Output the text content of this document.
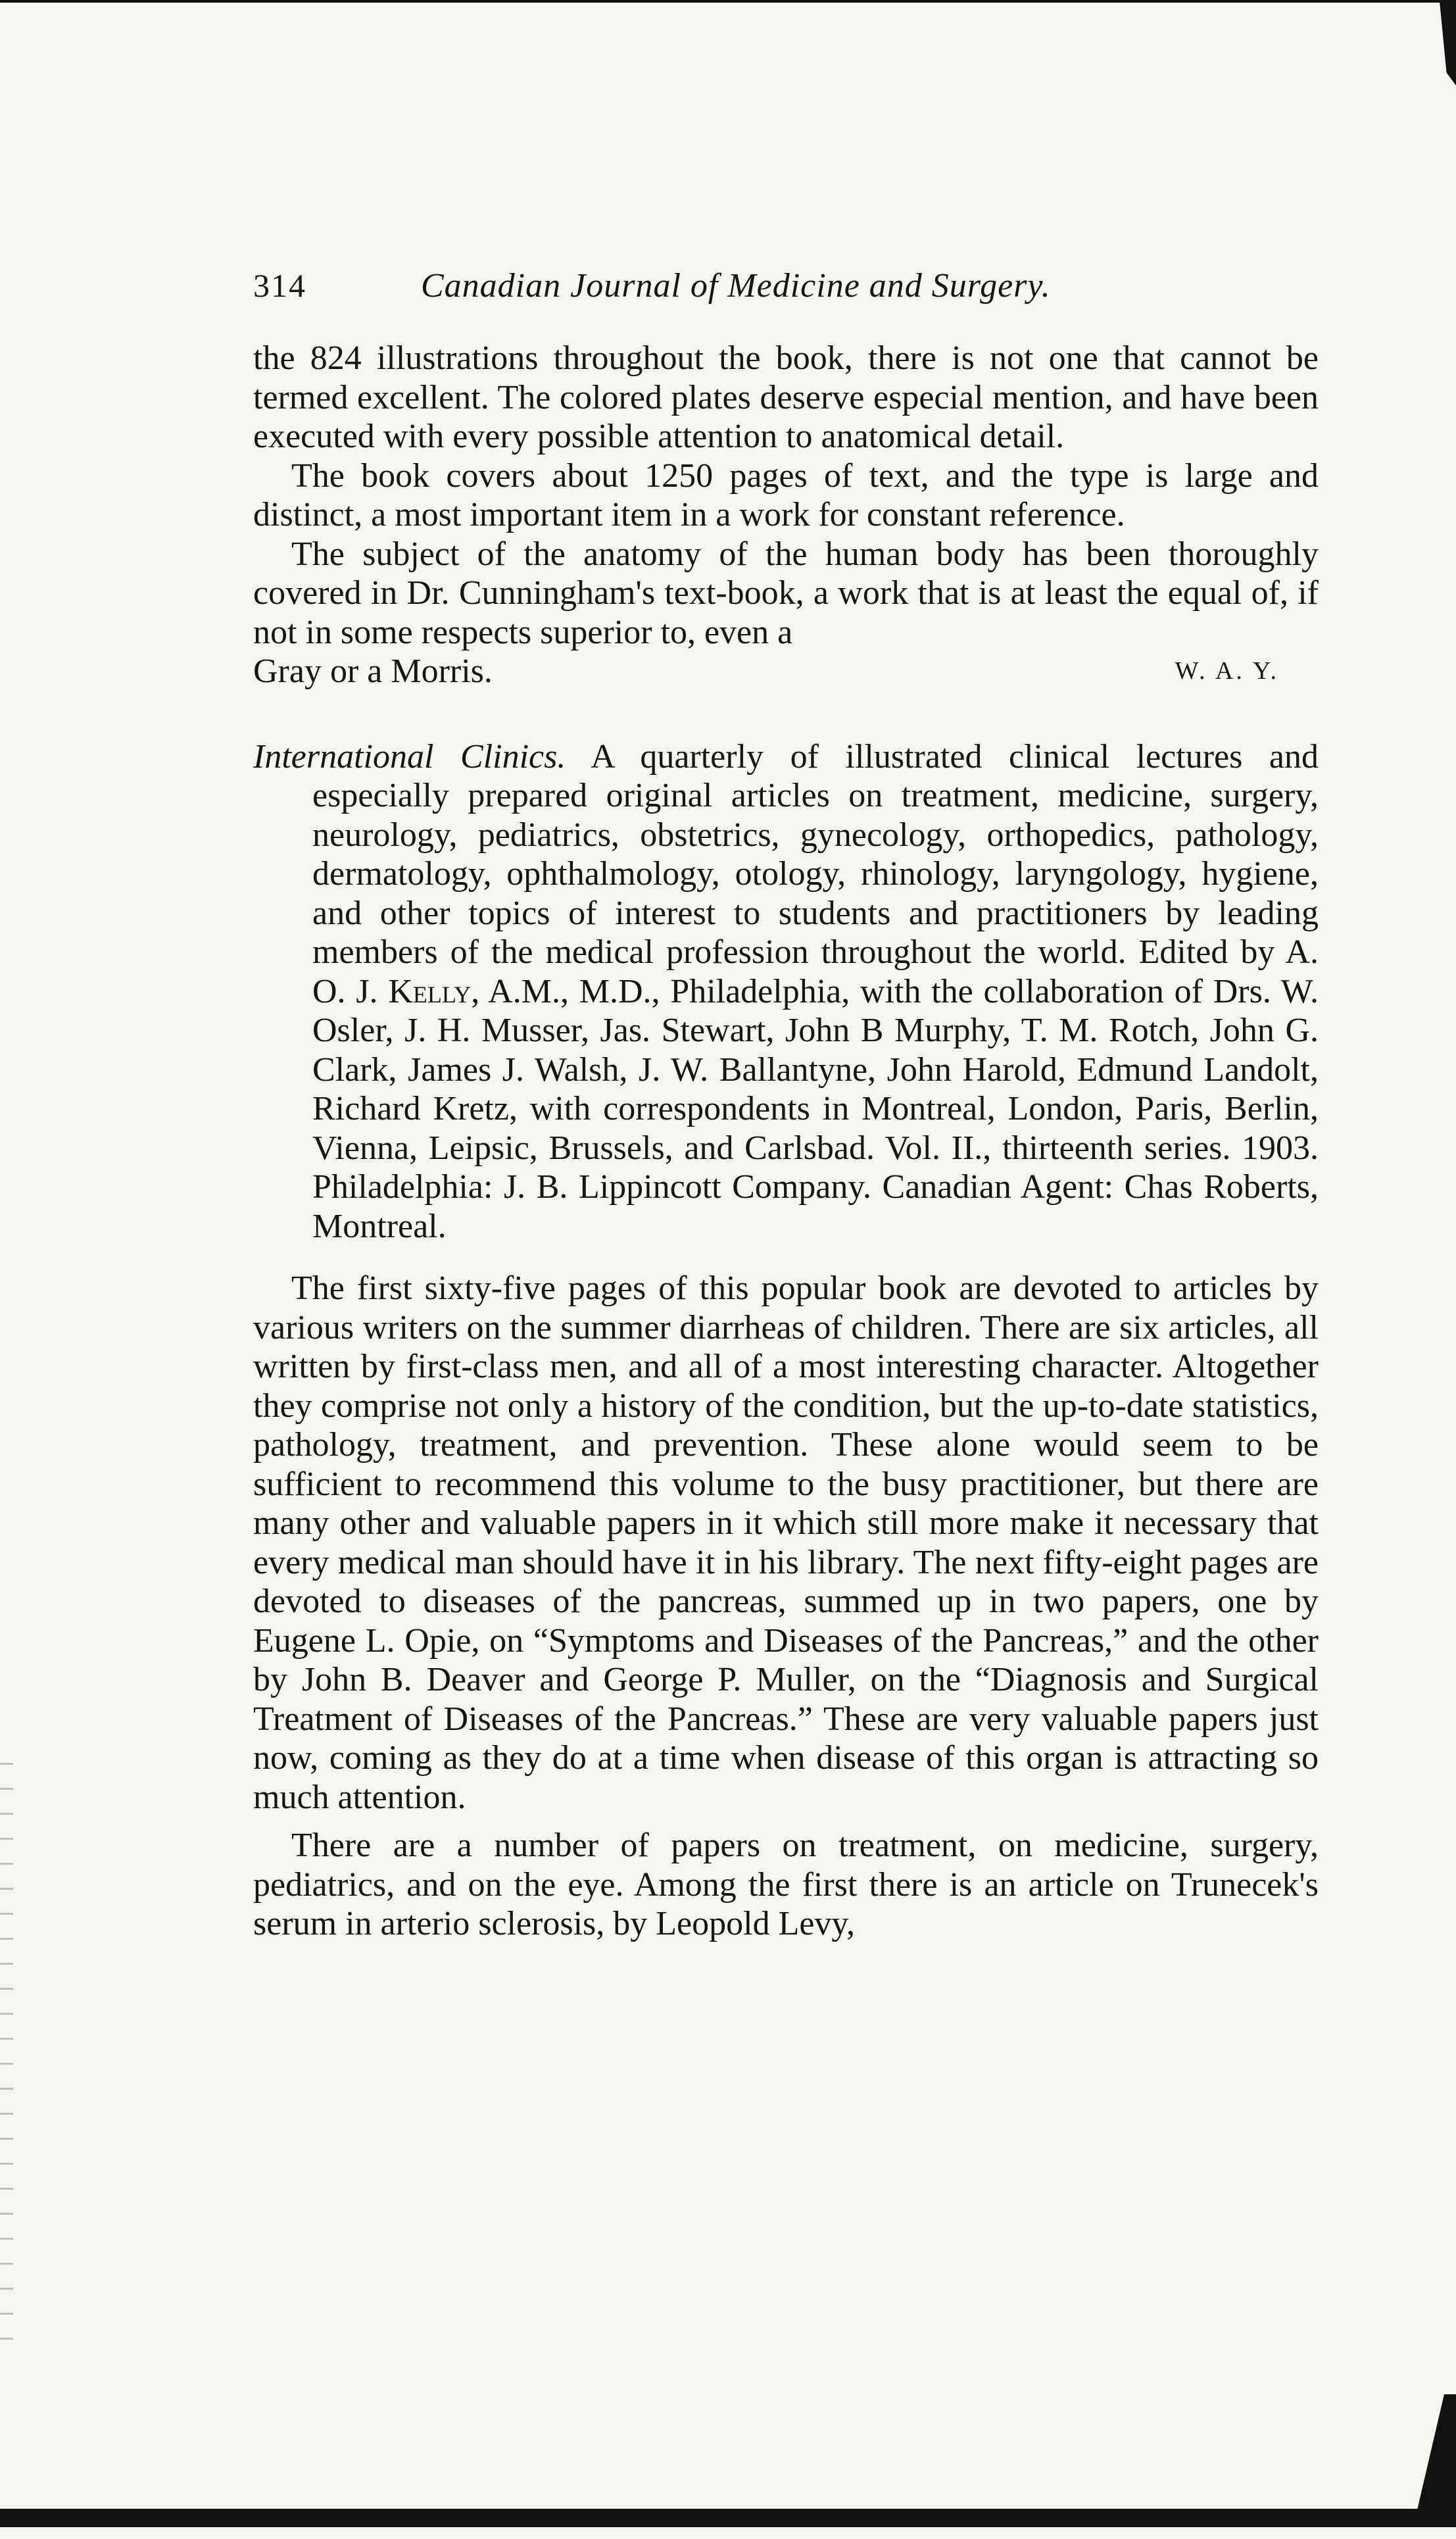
314	Canadian Journal of Medicine and Surgery.

the 824 illustrations throughout the book, there is not one that cannot be termed excellent. The colored plates deserve especial mention, and have been executed with every possible attention to anatomical detail.

The book covers about 1250 pages of text, and the type is large and distinct, a most important item in a work for constant reference.

The subject of the anatomy of the human body has been thoroughly covered in Dr. Cunningham's text-book, a work that is at least the equal of, if not in some respects superior to, even a

Gray or a Morris.	W. A. Y.

International Clinics. A quarterly of illustrated clinical lectures and especially prepared original articles on treatment, medicine, surgery, neurology, pediatrics, obstetrics, gynecology, orthopedics, pathology, dermatology, ophthalmology, otology, rhinology, laryngology, hygiene, and other topics of interest to students and practitioners by leading members of the medical profession throughout the world. Edited by A. O. J. Kelly, A.M., M.D., Philadelphia, with the collaboration of Drs. W. Osler, J. H. Musser, Jas. Stewart, John B Murphy, T. M. Rotch, John G. Clark, James J. Walsh, J. W. Ballantyne, John Harold, Edmund Landolt, Richard Kretz, with correspondents in Montreal, London, Paris, Berlin, Vienna, Leipsic, Brussels, and Carlsbad. Vol. II., thirteenth series. 1903. Philadelphia: J. B. Lippincott Company. Canadian Agent: Chas Roberts, Montreal.

The first sixty-five pages of this popular book are devoted to articles by various writers on the summer diarrheas of children. There are six articles, all written by first-class men, and all of a most interesting character. Altogether they comprise not only a history of the condition, but the up-to-date statistics, pathology, treatment, and prevention. These alone would seem to be sufficient to recommend this volume to the busy practitioner, but there are many other and valuable papers in it which still more make it necessary that every medical man should have it in his library. The next fifty-eight pages are devoted to diseases of the pancreas, summed up in two papers, one by Eugene L. Opie, on “Symptoms and Diseases of the Pancreas,” and the other by John B. Deaver and George P. Muller, on the “Diagnosis and Surgical Treatment of Diseases of the Pancreas.” These are very valuable papers just now, coming as they do at a time when disease of this organ is attracting so much attention.

There are a number of papers on treatment, on medicine, surgery, pediatrics, and on the eye. Among the first there is an article on Trunecek's serum in arterio sclerosis, by Leopold Levy,
